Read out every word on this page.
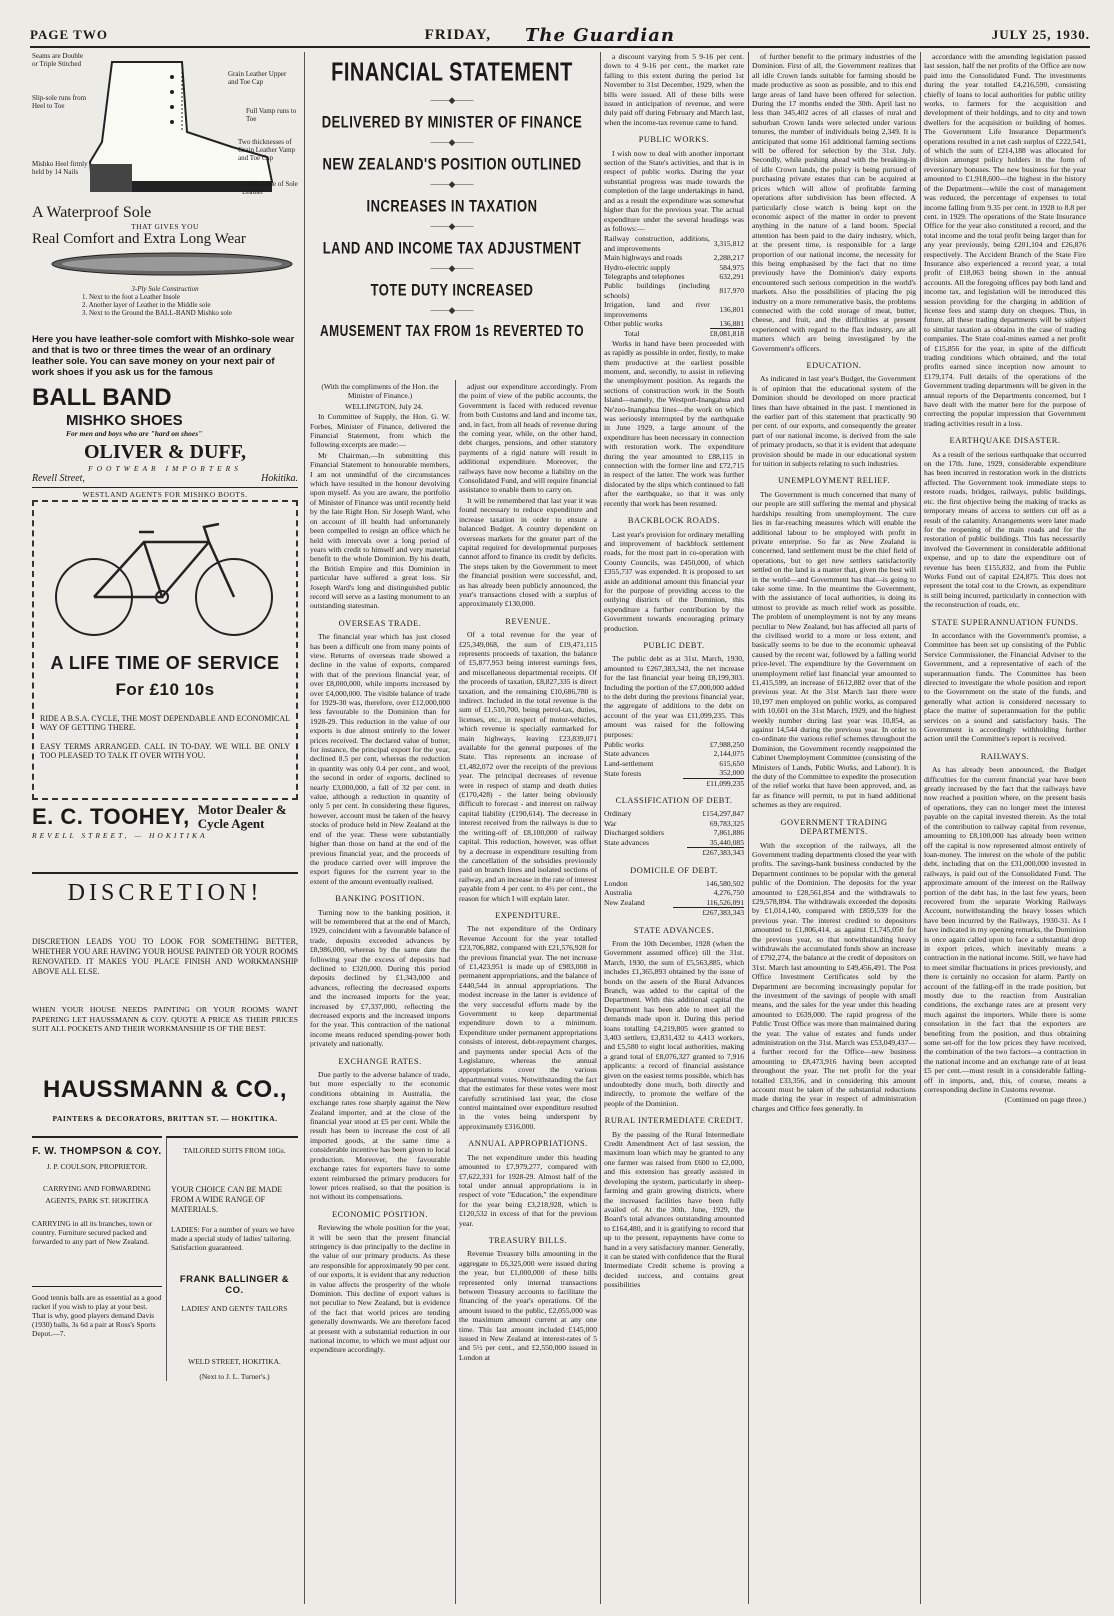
PAGE TWO	FRIDAY, The Guardian	JULY 25, 1930.
Seams are Double or Triple Stitched
Slip-sole runs from Heel to Toe
Grain Leather Upper and Toe Cap
Full Vamp runs to Toe
Two thicknesses of Grain Leather Vamp and Toe Cap
Mishko Heel firmly held by 14 Nails
Insole made of Sole Leather
A Waterproof Sole
THAT GIVES YOU
Real Comfort and Extra Long Wear
3-Ply Sole Construction
1. Next to the foot a Leather Insole
2. Another layer of Leather in the Middle sole
3. Next to the Ground the BALL-BAND Mishko sole
Here you have leather-sole comfort with Mishko-sole wear and that is two or three times the wear of an ordinary leather sole. You can save money on your next pair of work shoes if you ask us for the famous
BALL BAND
MISHKO SHOES
For men and boys who are "hard on shoes"
OLIVER & DUFF,
FOOTWEAR IMPORTERS
Revell Street,	Hokitika.
WESTLAND AGENTS FOR MISHKO BOOTS.
A LIFE TIME OF SERVICE
For £10 10s
RIDE A B.S.A. CYCLE, THE MOST DEPENDABLE AND ECONOMICAL WAY OF GETTING THERE.
EASY TERMS ARRANGED. CALL IN TO-DAY. WE WILL BE ONLY TOO PLEASED TO TALK IT OVER WITH YOU.
E. C. TOOHEY, Motor Dealer & Cycle Agent
REVELL STREET, — HOKITIKA
DISCRETION!
DISCRETION LEADS YOU TO LOOK FOR SOMETHING BETTER, WHETHER YOU ARE HAVING YOUR HOUSE PAINTED OR YOUR ROOMS RENOVATED. IT MAKES YOU PLACE FINISH AND WORKMANSHIP ABOVE ALL ELSE.
WHEN YOUR HOUSE NEEDS PAINTING OR YOUR ROOMS WANT PAPERING LET HAUSSMANN & COY. QUOTE A PRICE AS THEIR PRICES SUIT ALL POCKETS AND THEIR WORKMANSHIP IS OF THE BEST.
HAUSSMANN & CO.,
PAINTERS & DECORATORS, BRITTAN ST. — HOKITIKA.
F. W. THOMPSON & COY.
J. P. COULSON, PROPRIETOR.
CARRYING AND FORWARDING AGENTS, PARK ST. HOKITIKA
CARRYING in all its branches, town or country. Furniture secured packed and forwarded to any part of New Zealand.
Good tennis balls are as essential as a good racket if you wish to play at your best. That is why, good players demand Davis (1930) balls, 3s 6d a pair at Ross's Sports Depot.—7.
TAILORED SUITS FROM 10Gs.
YOUR CHOICE CAN BE MADE FROM A WIDE RANGE OF MATERIALS.
LADIES: For a number of years we have made a special study of ladies' tailoring. Satisfaction guaranteed.
FRANK BALLINGER & CO.
LADIES' AND GENTS' TAILORS
WELD STREET, HOKITIKA.
(Next to J. L. Turner's.)
FINANCIAL STATEMENT
——◆——
DELIVERED BY MINISTER OF FINANCE
——◆——
NEW ZEALAND'S POSITION OUTLINED
——◆——
INCREASES IN TAXATION
——◆——
LAND AND INCOME TAX ADJUSTMENT
——◆——
TOTE DUTY INCREASED
——◆——
AMUSEMENT TAX FROM 1s REVERTED TO

(With the compliments of the Hon. the Minister of Finance.)

WELLINGTON, July 24.

In Committee of Supply, the Hon. G. W. Forbes, Minister of Finance, delivered the Financial Statement, from which the following excerpts are made:—

Mr Chairman,—In submitting this Financial Statement to honourable members, I am not unmindful of the circumstances which have resulted in the honour devolving upon myself. As you are aware, the portfolio of Minister of Finance was until recently held by the late Right Hon. Sir Joseph Ward, who on account of ill health had unfortunately been compelled to resign an office which he held with intervals over a long period of years with credit to himself and very material benefit to the whole Dominion. By his death, the British Empire and this Dominion in particular have suffered a great loss. Sir Joseph Ward's long and distinguished public record will serve as a lasting monument to an outstanding statesman.

OVERSEAS TRADE.

The financial year which has just closed has been a difficult one from many points of view. Returns of overseas trade showed a decline in the value of exports, compared with that of the previous financial year, of over £8,000,000, while imports increased by over £4,000,000. The visible balance of trade for 1929-30 was, therefore, over £12,000,000 less favourable to the Dominion than for 1928-29. This reduction in the value of our exports is due almost entirely to the lower prices received. The declared value of butter, for instance, the principal export for the year, declined 8.5 per cent, whereas the reduction in quantity was only 0.4 per cent., and wool, the second in order of exports, declined to nearly £3,000,000, a fall of 32 per cent. in value, although a reduction in quantity of only 5 per cent. In considering these figures, however, account must be taken of the heavy stocks of produce held in New Zealand at the end of the year. These were substantially higher than those on hand at the end of the previous financial year, and the proceeds of the produce carried over will improve the export figures for the current year to the extent of the amount eventually realised.

BANKING POSITION.

Turning now to the banking position, it will be remembered that at the end of March, 1929, coincident with a favourable balance of trade, deposits exceeded advances by £8,986,000, whereas by the same date the following year the excess of deposits had declined to £320,000. During this period deposits declined by £1,343,000 and advances, reflecting the decreased exports and the increased imports for the year, increased by £7,337,000, reflecting the decreased exports and the increased imports for the year. This contraction of the national income means reduced spending-power both privately and nationally.

EXCHANGE RATES.

Due partly to the adverse balance of trade, but more especially to the economic conditions obtaining in Australia, the exchange rates rose sharply against the New Zealand importer, and at the close of the financial year stood at £5 per cent. While the result has been to increase the cost of all imported goods, at the same time a considerable incentive has been given to local production. Moreover, the favourable exchange rates for exporters have to some extent reimbursed the primary producers for lower prices realised, so that the position is not without its compensations.

ECONOMIC POSITION.

Reviewing the whole position for the year, it will be seen that the present financial stringency is due principally to the decline in the value of our primary products. As these are responsible for approximately 90 per cent. of our exports, it is evident that any reduction in value affects the prosperity of the whole Dominion. This decline of export values is not peculiar to New Zealand, but is evidence of the fact that world prices are tending generally downwards. We are therefore faced at present with a substantial reduction in our national income, to which we must adjust our expenditure accordingly.

adjust our expenditure accordingly. From the point of view of the public accounts, the Government is faced with reduced revenue from both Customs and land and income tax, and, in fact, from all heads of revenue during the coming year, while, on the other hand, debt charges, pensions, and other statutory payments of a rigid nature will result in additional expenditure. Moreover, the railways have now become a liability on the Consolidated Fund, and will require financial assistance to enable them to carry on.

It will be remembered that last year it was found necessary to reduce expenditure and increase taxation in order to ensure a balanced Budget. A country dependent on overseas markets for the greater part of the capital required for developmental purposes cannot afford to finance its credit by deficits. The steps taken by the Government to meet the financial position were successful, and, as has already been publicly announced, the year's transactions closed with a surplus of approximately £130,000.

REVENUE.

Of a total revenue for the year of £25,349,068, the sum of £19,471,115 represents proceeds of taxation, the balance of £5,877,953 being interest earnings fees, and miscellaneous departmental receipts. Of the proceeds of taxation, £8,827,335 is direct taxation, and the remaining £10,686,780 is indirect. Included in the total revenue is the sum of £1,510,700, being petrol-tax, duties, licenses, etc., in respect of motor-vehicles, which revenue is specially earmarked for main highways, leaving £23,839,071 available for the general purposes of the State. This represents an increase of £1,482,072 over the receipts of the previous year. The principal decreases of revenue were in respect of stamp and death duties (£170,428) - the latter being obviously difficult to forecast - and interest on railway capital liability (£190,614). The decrease in interest received from the railways is due to the writing-off of £8,100,000 of railway capital. This reduction, however, was offset by a decrease in expenditure resulting from the cancellation of the subsidies previously paid on branch lines and isolated sections of railway, and an increase in the rate of interest payable from 4 per cent. to 4½ per cent., the reason for which I will explain later.

EXPENDITURE.

The net expenditure of the Ordinary Revenue Account for the year totalled £23,706,882, compared with £21,576,928 for the previous financial year. The net increase of £1,423,951 is made up of £983,008 in permanent appropriations, and the balance of £440,544 in annual appropriations. The modest increase in the latter is evidence of the very successful efforts made by the Government to keep departmental expenditure down to a minimum. Expenditure under permanent appropriations consists of interest, debt-repayment charges, and payments under special Acts of the Legislature, whereas the annual appropriations cover the various departmental votes. Notwithstanding the fact that the estimates for these votes were most carefully scrutinised last year, the close control maintained over expenditure resulted in the votes being underspent by approximately £316,000.

ANNUAL APPROPRIATIONS.

The net expenditure under this heading amounted to £7,979,277, compared with £7,622,331 for 1928-29. Almost half of the total under annual appropriations is in respect of vote "Education," the expenditure for the year being £3,218,928, which is £120,532 in excess of that for the previous year.

TREASURY BILLS.

Revenue Treasury bills amounting in the aggregate to £6,325,000 were issued during the year, but £1,000,000 of these bills represented only internal transactions between Treasury accounts to facilitate the financing of the year's operations. Of the amount issued to the public, £2,055,000 was the maximum amount current at any one time. This last amount included £145,000 issued in New Zealand at interest-rates of 5 and 5½ per cent., and £2,550,000 issued in London at

a discount varying from 5 9-16 per cent. down to 4 9-16 per cent., the market rate falling to this extent during the period 1st November to 31st December, 1929, when the bills were issued. All of these bills were issued in anticipation of revenue, and were duly paid off during February and March last, when the income-tax revenue came to hand.

PUBLIC WORKS.

I wish now to deal with another important section of the State's activities, and that is in respect of public works. During the year substantial progress was made towards the completion of the large undertakings in hand, and as a result the expenditure was somewhat higher than for the previous year. The actual expenditure under the several headings was as follows:—

Railway construction, additions, and improvements	3,315,812
Main highways and roads	2,288,217
Hydro-electric supply	584,975
Telegraphs and telephones	632,291
Public buildings (including schools)	817,970
Irrigation, land and river improvements	136,801
Other public works	136,881
Total	£8,081,818

Works in hand have been proceeded with as rapidly as possible in order, firstly, to make them productive at the earliest possible moment, and, secondly, to assist in relieving the unemployment position. As regards the sections of construction work in the South Island—namely, the Westport-Inangahua and Ne'zoo-Inangahua lines—the work on which was seriously interrupted by the earthquake in June 1929, a large amount of the expenditure has been necessary in connection with restoration work. The expenditure during the year amounted to £88,115 in connection with the former line and £72,715 in respect of the latter. The work was further dislocated by the slips which continued to fall after the earthquake, so that it was only recently that work has been resumed.

BACKBLOCK ROADS.

Last year's provision for ordinary metalling and improvement of backblock settlement roads, for the most part in co-operation with County Councils, was £450,000, of which £355,737 was expended. It is proposed to set aside an additional amount this financial year for the purpose of providing access to the outlying districts of the Dominion, this expenditure a further contribution by the Government towards encouraging primary production.

PUBLIC DEBT.

The public debt as at 31st. March, 1930, amounted to £267,383,343, the net increase for the last financial year being £8,199,303. Including the portion of the £7,000,000 added to the debt during the previous financial year, the aggregate of additions to the debt on account of the year was £11,099,235. This amount was raised for the following purposes:

Public works	£7,988,250
State advances	2,144,075
Land-settlement	615,650
State forests	352,000
	£11,099,235
CLASSIFICATION OF DEBT.
Ordinary	£154,297,847
War	69,783,325
Discharged soldiers	7,861,886
State advances	35,440,085
	£267,383,343
DOMICILE OF DEBT.
London	146,580,502
Australia	4,276,750
New Zealand	116,526,091
	£267,383,343
STATE ADVANCES.

From the 10th December, 1928 (when the Government assumed office) till the 31st. March, 1930, the sum of £5,563,885, which includes £1,365,893 obtained by the issue of bonds on the assets of the Rural Advances Branch, was added to the capital of the Department. With this additional capital the Department has been able to meet all the demands made upon it. During this period loans totalling £4,219,805 were granted to 3,403 settlers, £3,831,432 to 4,413 workers, and £5,580 to eight local authorities, making a grand total of £8,076,327 granted to 7,916 applicants: a record of financial assistance given on the easiest terms possible, which has undoubtedly done much, both directly and indirectly, to promote the welfare of the people of the Dominion.

RURAL INTERMEDIATE CREDIT.

By the passing of the Rural Intermediate Credit Amendment Act of last session, the maximum loan which may be granted to any one farmer was raised from £600 to £2,000, and this extension has greatly assisted in developing the system, particularly in sheep-farming and grain growing districts, where the increased facilities have been fully availed of. At the 30th. June, 1929, the Board's total advances outstanding amounted to £164,480, and it is gratifying to record that up to the present, repayments have come to hand in a very satisfactory manner. Generally, it can be stated with confidence that the Rural Intermediate Credit scheme is proving a decided success, and contains great possibilities

of further benefit to the primary industries of the Dominion. First of all, the Government realizes that all idle Crown lands suitable for farming should be made productive as soon as possible, and to this end large areas of land have been offered for selection. During the 17 months ended the 30th. April last no less than 345,402 acres of all classes of rural and suburban Crown lands were selected under various tenures, the number of individuals being 2,349. It is anticipated that some 161 additional farming sections will be offered for selection by the 31st. July. Secondly, while pushing ahead with the breaking-in of idle Crown lands, the policy is being pursued of purchasing private estates that can be acquired at prices which will allow of profitable farming operations after subdivision has been effected. A particularly close watch is being kept on the economic aspect of the matter in order to prevent anything in the nature of a land boom. Special attention has been paid to the dairy industry, which, at the present time, is responsible for a large proportion of our national income, the necessity for this being emphasised by the fact that no time previously have the Dominion's dairy exports encountered such serious competition in the world's markets. Also the possibilities of placing the pig industry on a more remunerative basis, the problems connected with the cold storage of meat, butter, cheese, and fruit, and the difficulties at present experienced with regard to the flax industry, are all matters which are being investigated by the Government's officers.

EDUCATION.

As indicated in last year's Budget, the Government is of opinion that the educational system of the Dominion should be developed on more practical lines than have obtained in the past. I mentioned in the earlier part of this statement that practically 90 per cent. of our exports, and consequently the greater part of our national income, is derived from the sale of primary products, so that it is evident that adequate provision should be made in our educational system for tuition in subjects relating to such industries.

UNEMPLOYMENT RELIEF.

The Government is much concerned that many of our people are still suffering the mental and physical hardships resulting from unemployment. The cure lies in far-reaching measures which will enable the additional labour to be employed with profit in private enterprise. So far as New Zealand is concerned, land settlement must be the chief field of operations, but to get new settlers satisfactorily settled on the land is a matter that, given the best will in the world—and Government has that—is going to take some time. In the meantime the Government, with the assistance of local authorities, is doing its utmost to provide as much relief work as possible. The problem of unemployment is not by any means peculiar to New Zealand, but has affected all parts of the civilised world to a more or less extent, and basically seems to be due to the economic upheaval caused by the recent war, followed by a falling world price-level. The expenditure by the Government on unemployment relief last financial year amounted to £1,415,599, an increase of £612,882 over that of the previous year. At the 31st March last there were 10,197 men employed on public works, as compared with 10,601 on the 31st March, 1929, and the highest weekly number during last year was 10,854, as against 14,544 during the previous year. In order to co-ordinate the various relief schemes throughout the Dominion, the Government recently reappointed the Cabinet Unemployment Committee (consisting of the Ministers of Lands, Public Works, and Labour). It is the duty of the Committee to expedite the prosecution of the relief works that have been approved, and, as far as finance will permit, to put in hand additional schemes as they are required.

GOVERNMENT TRADING DEPARTMENTS.

With the exception of the railways, all the Government trading departments closed the year with profits. The savings-bank business conducted by the Department continues to be popular with the general public of the Dominion. The deposits for the year amounted to £28,561,854 and the withdrawals to £29,578,894. The withdrawals exceeded the deposits by £1,014,140, compared with £859,539 for the previous year. The interest credited to depositors amounted to £1,806,414, as against £1,745,050 for the previous year, so that notwithstanding heavy withdrawals the accumulated funds show an increase of £792,274, the balance at the credit of depositors on 31st. March last amounting to £49,456,491. The Post Office Investment Certificates sold by the Department are becoming increasingly popular for the investment of the savings of people with small means, and the sales for the year under this heading amounted to £639,000. The rapid progress of the Public Trust Office was more than maintained during the year. The value of estates and funds under administration on the 31st. March was £53,049,437—a further record for the Office—new business amounting to £8,473,916 having been accepted throughout the year. The net profit for the year totalled £33,356, and in considering this amount account must be taken of the substantial reductions made during the year in respect of administration charges and Office fees generally. In

accordance with the amending legislation passed last session, half the net profits of the Office are now paid into the Consolidated Fund. The investments during the year totalled £4,216,590, consisting chiefly of loans to local authorities for public utility works, to farmers for the acquisition and development of their holdings, and to city and town dwellers for the acquisition or building of homes. The Government Life Insurance Department's operations resulted in a net cash surplus of £222,541, of which the sum of £214,188 was allocated for division amongst policy holders in the form of reversionary bonuses. The new business for the year amounted to £1,918,600—the highest in the history of the Department—while the cost of management was reduced, the percentage of expenses to total income falling from 9.35 per cent. in 1928 to 8.8 per cent. in 1929. The operations of the State Insurance Office for the year also constituted a record, and the total income and the total profit being larger than for any year previously, being £201,104 and £26,876 respectively. The Accident Branch of the State Fire Insurance also experienced a record year, a total profit of £18,063 being shown in the annual accounts. All the foregoing offices pay both land and income tax, and legislation will be introduced this session providing for the charging in addition of license fees and stamp duty on cheques. Thus, in future, all these trading departments will be subject to similar taxation as obtains in the case of trading companies. The State coal-mines earned a net profit of £15,856 for the year, in spite of the difficult trading conditions which obtained, and the total profits earned since inception now amount to £179,174. Full details of the operations of the Government trading departments will be given in the annual reports of the Departments concerned, but I have dealt with the matter here for the purpose of correcting the popular impression that Government trading activities result in a loss.

EARTHQUAKE DISASTER.

As a result of the serious earthquake that occurred on the 17th. June, 1929, considerable expenditure has been incurred in restoration work in the districts affected. The Government took immediate steps to restore roads, bridges, railways, public buildings, etc. the first objective being the making of tracks as temporary means of access to settlers cut off as a result of the calamity. Arrangements were later made for the reopening of the main roads and for the restoration of public buildings. This has necessarily involved the Government in considerable additional expense, and up to date the expenditure out of revenue has been £155,832, and from the Public Works Fund out of capital £24,875. This does not represent the total cost to the Crown, as expenditure is still being incurred, particularly in connection with the reconstruction of roads, etc.

STATE SUPERANNUATION FUNDS.

In accordance with the Government's promise, a Committee has been set up consisting of the Public Service Commissioner, the Financial Adviser to the Government, and a representative of each of the superannuation funds. The Committee has been directed to investigate the whole position and report to the Government on the state of the funds, and generally what action is considered necessary to place the matter of superannuation for the public services on a sound and satisfactory basis. The Government is accordingly withholding further action until the Committee's report is received.

RAILWAYS.

As has already been announced, the Budget difficulties for the current financial year have been greatly increased by the fact that the railways have now reached a position where, on the present basis of operations, they can no longer meet the interest payable on the capital invested therein. As the total of the contribution to railway capital from revenue, amounting to £8,100,000 has already been written off the capital is now represented almost entirely of loan-money. The interest on the whole of the public debt, including that on the £31,000,000 invested in railways, is paid out of the Consolidated Fund. The approximate amount of the interest on the Railway portion of the debt has, in the last few years, been recovered from the separate Working Railways Account, notwithstanding the heavy losses which have been incurred by the Railways, 1930-31. As I have indicated in my opening remarks, the Dominion is once again called upon to face a substantial drop in export prices, which inevitably means a contraction in the national income. Still, we have had to meet similar fluctuations in prices previously, and there is certainly no occasion for alarm. Partly on account of the falling-off in the trade position, but mostly due to the reaction from Australian conditions, the exchange rates are at present very much against the importers. While there is some consolation in the fact that the exporters are benefiting from the position, and thus obtaining some set-off for the low prices they have received, the combination of the two factors—a contraction in the national income and an exchange rate of at least £5 per cent.—must result in a considerable falling-off in imports, and, this, of course, means a corresponding decline in Customs revenue.

(Continued on page three.)
